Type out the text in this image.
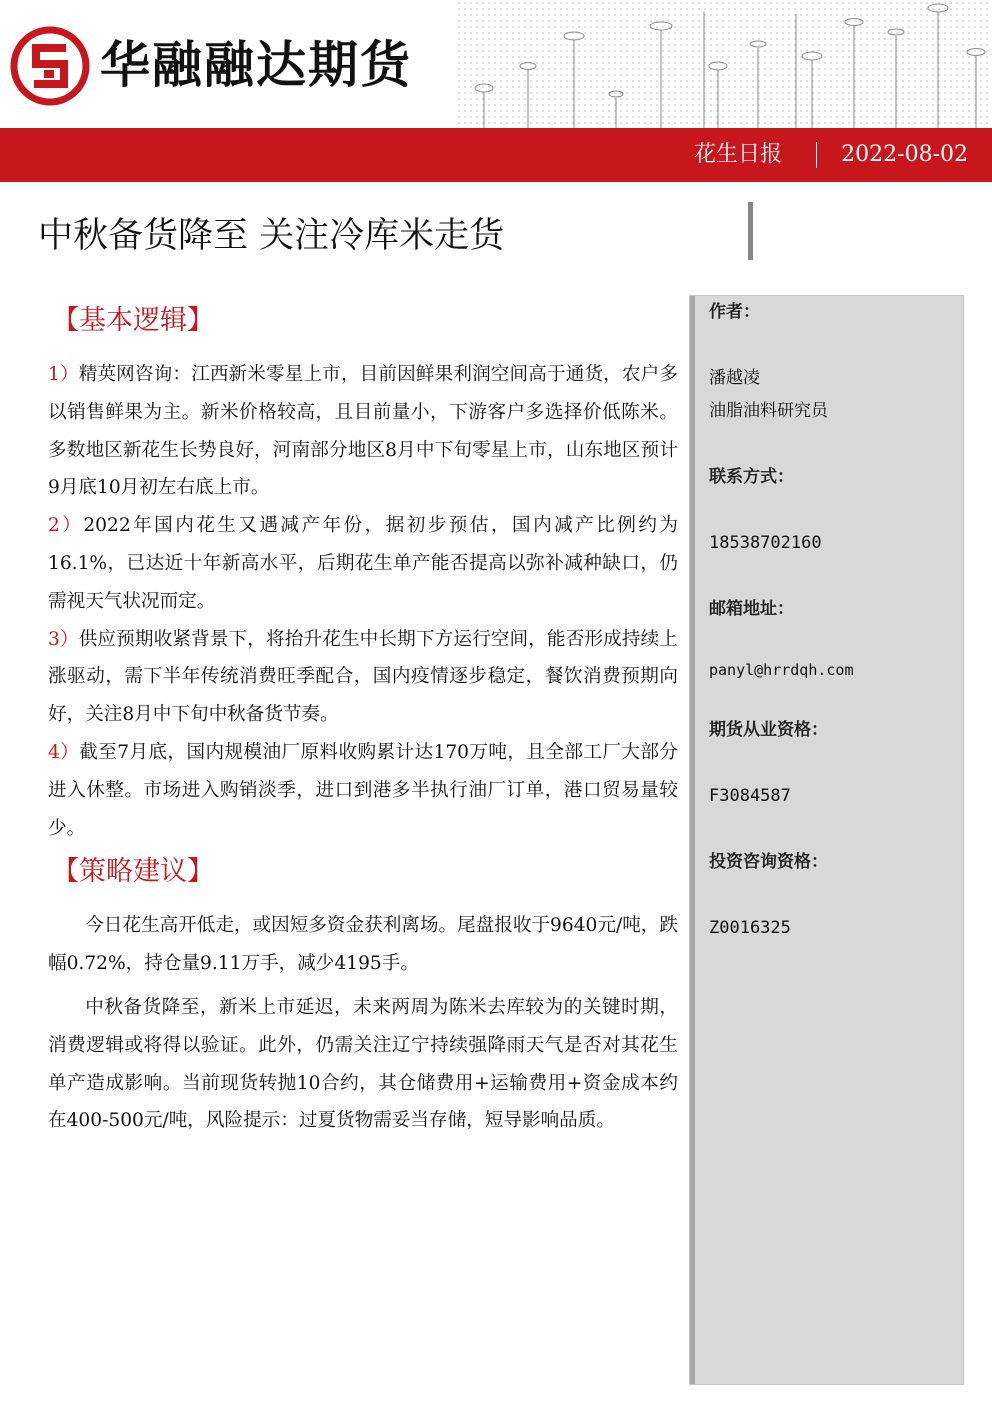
华融融达期货
花生日报	2022-08-02
中秋备货降至 关注冷库米走货
【基本逻辑】

1）精英网咨询：江西新米零星上市，目前因鲜果利润空间高于通货，农户多以销售鲜果为主。新米价格较高，且目前量小，下游客户多选择价低陈米。多数地区新花生长势良好，河南部分地区8月中下旬零星上市，山东地区预计9月底10月初左右底上市。

2）2022年国内花生又遇减产年份，据初步预估，国内减产比例约为16.1%，已达近十年新高水平，后期花生单产能否提高以弥补减种缺口，仍需视天气状况而定。

3）供应预期收紧背景下，将抬升花生中长期下方运行空间，能否形成持续上涨驱动，需下半年传统消费旺季配合，国内疫情逐步稳定，餐饮消费预期向好，关注8月中下旬中秋备货节奏。

4）截至7月底，国内规模油厂原料收购累计达170万吨，且全部工厂大部分进入休整。市场进入购销淡季，进口到港多半执行油厂订单，港口贸易量较少。

【策略建议】

今日花生高开低走，或因短多资金获利离场。尾盘报收于9640元/吨，跌幅0.72%，持仓量9.11万手，减少4195手。

中秋备货降至，新米上市延迟，未来两周为陈米去库较为的关键时期，消费逻辑或将得以验证。此外，仍需关注辽宁持续强降雨天气是否对其花生单产造成影响。当前现货转抛10合约，其仓储费用+运输费用+资金成本约在400-500元/吨，风险提示：过夏货物需妥当存储，短导影响品质。

作者：
潘越凌
油脂油料研究员
联系方式：
18538702160
邮箱地址：
panyl@hrrdqh.com
期货从业资格：
F3084587
投资咨询资格：
Z0016325
